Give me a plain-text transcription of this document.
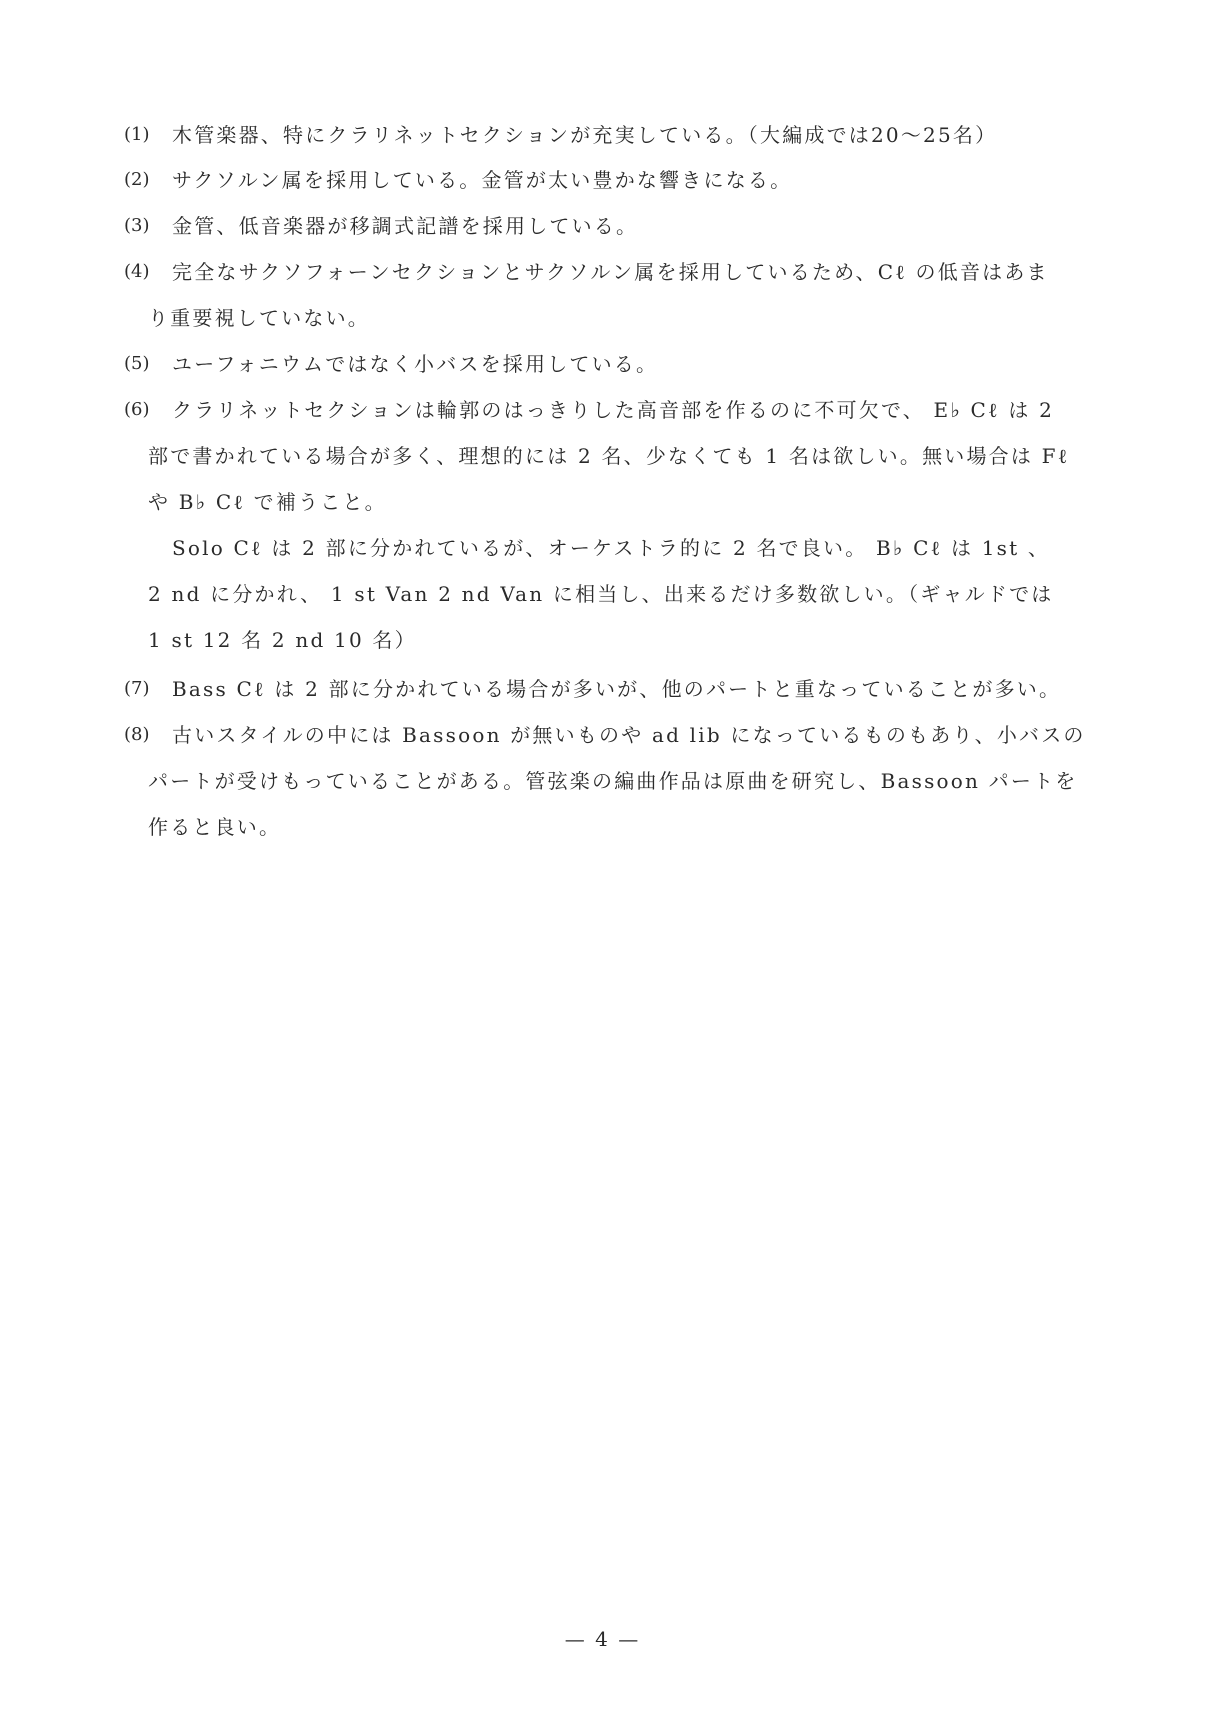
(1)	木管楽器、特にクラリネットセクションが充実している。（大編成では20〜25名）
(2)	サクソルン属を採用している。金管が太い豊かな響きになる。
(3)	金管、低音楽器が移調式記譜を採用している。
(4)	完全なサクソフォーンセクションとサクソルン属を採用しているため、Cℓ の低音はあま
り重要視していない。
(5)	ユーフォニウムではなく小バスを採用している。
(6)	クラリネットセクションは輪郭のはっきりした高音部を作るのに不可欠で、 E♭ Cℓ は 2
部で書かれている場合が多く、理想的には 2 名、少なくても 1 名は欲しい。無い場合は Fℓ
や B♭ Cℓ で補うこと。
Solo Cℓ は 2 部に分かれているが、オーケストラ的に 2 名で良い。 B♭ Cℓ は 1st 、
2 nd に分かれ、 1 st Van 2 nd Van に相当し、出来るだけ多数欲しい。（ギャルドでは
1 st 12 名 2 nd 10 名）
(7)	Bass Cℓ は 2 部に分かれている場合が多いが、他のパートと重なっていることが多い。
(8)	古いスタイルの中には Bassoon が無いものや ad lib になっているものもあり、小バスの
パートが受けもっていることがある。管弦楽の編曲作品は原曲を研究し、Bassoon パートを
作ると良い。
— 4 —
